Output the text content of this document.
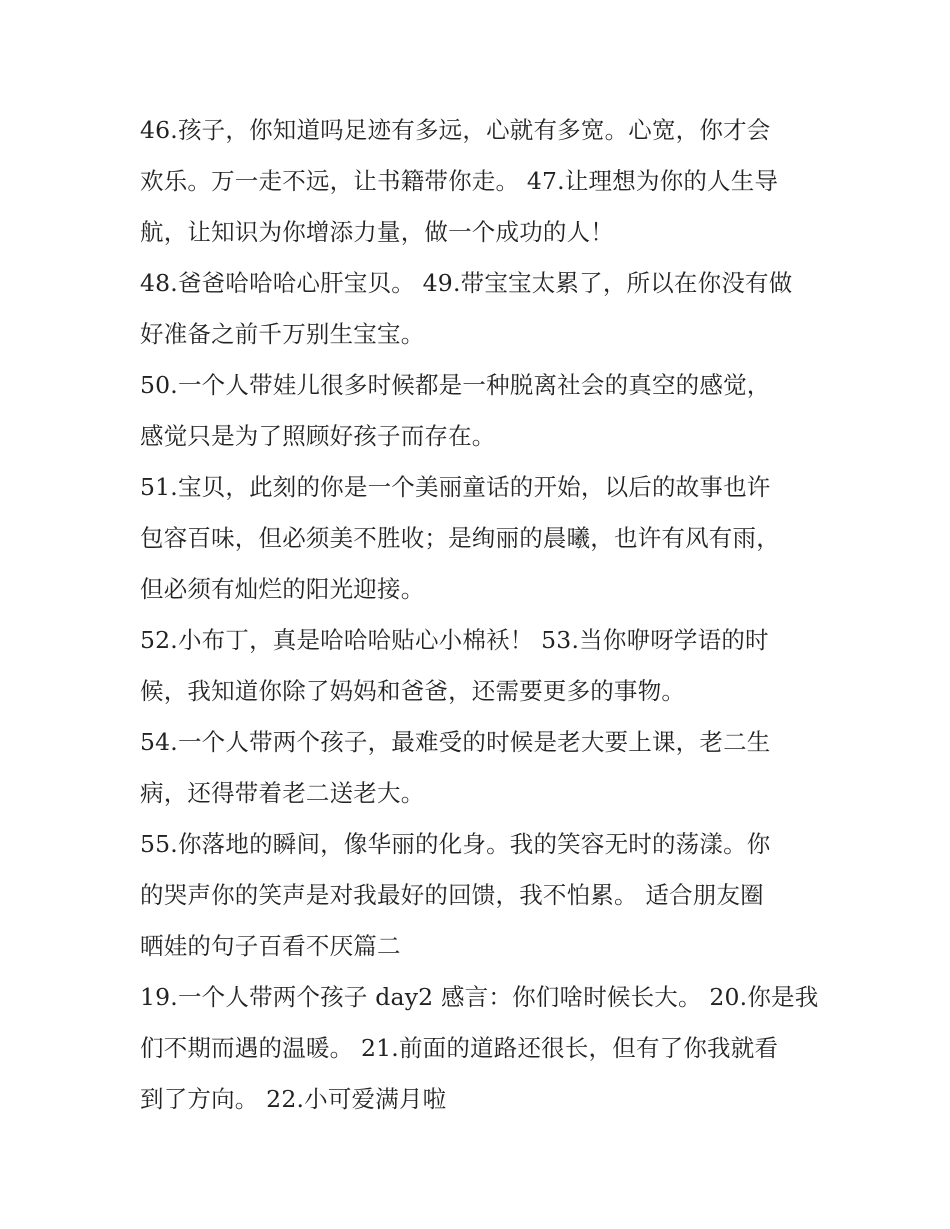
46.孩子，你知道吗足迹有多远，心就有多宽。心宽，你才会
欢乐。万一走不远，让书籍带你走。 47.让理想为你的人生导
航，让知识为你增添力量，做一个成功的人！
48.爸爸哈哈哈心肝宝贝。 49.带宝宝太累了，所以在你没有做
好准备之前千万别生宝宝。
50.一个人带娃儿很多时候都是一种脱离社会的真空的感觉，
感觉只是为了照顾好孩子而存在。
51.宝贝，此刻的你是一个美丽童话的开始，以后的故事也许
包容百味，但必须美不胜收；是绚丽的晨曦，也许有风有雨，
但必须有灿烂的阳光迎接。
52.小布丁，真是哈哈哈贴心小棉袄！ 53.当你咿呀学语的时
候，我知道你除了妈妈和爸爸，还需要更多的事物。
54.一个人带两个孩子，最难受的时候是老大要上课，老二生
病，还得带着老二送老大。
55.你落地的瞬间，像华丽的化身。我的笑容无时的荡漾。你
的哭声你的笑声是对我最好的回馈，我不怕累。 适合朋友圈
晒娃的句子百看不厌篇二
19.一个人带两个孩子 day2 感言：你们啥时候长大。 20.你是我
们不期而遇的温暖。 21.前面的道路还很长，但有了你我就看
到了方向。 22.小可爱满月啦
